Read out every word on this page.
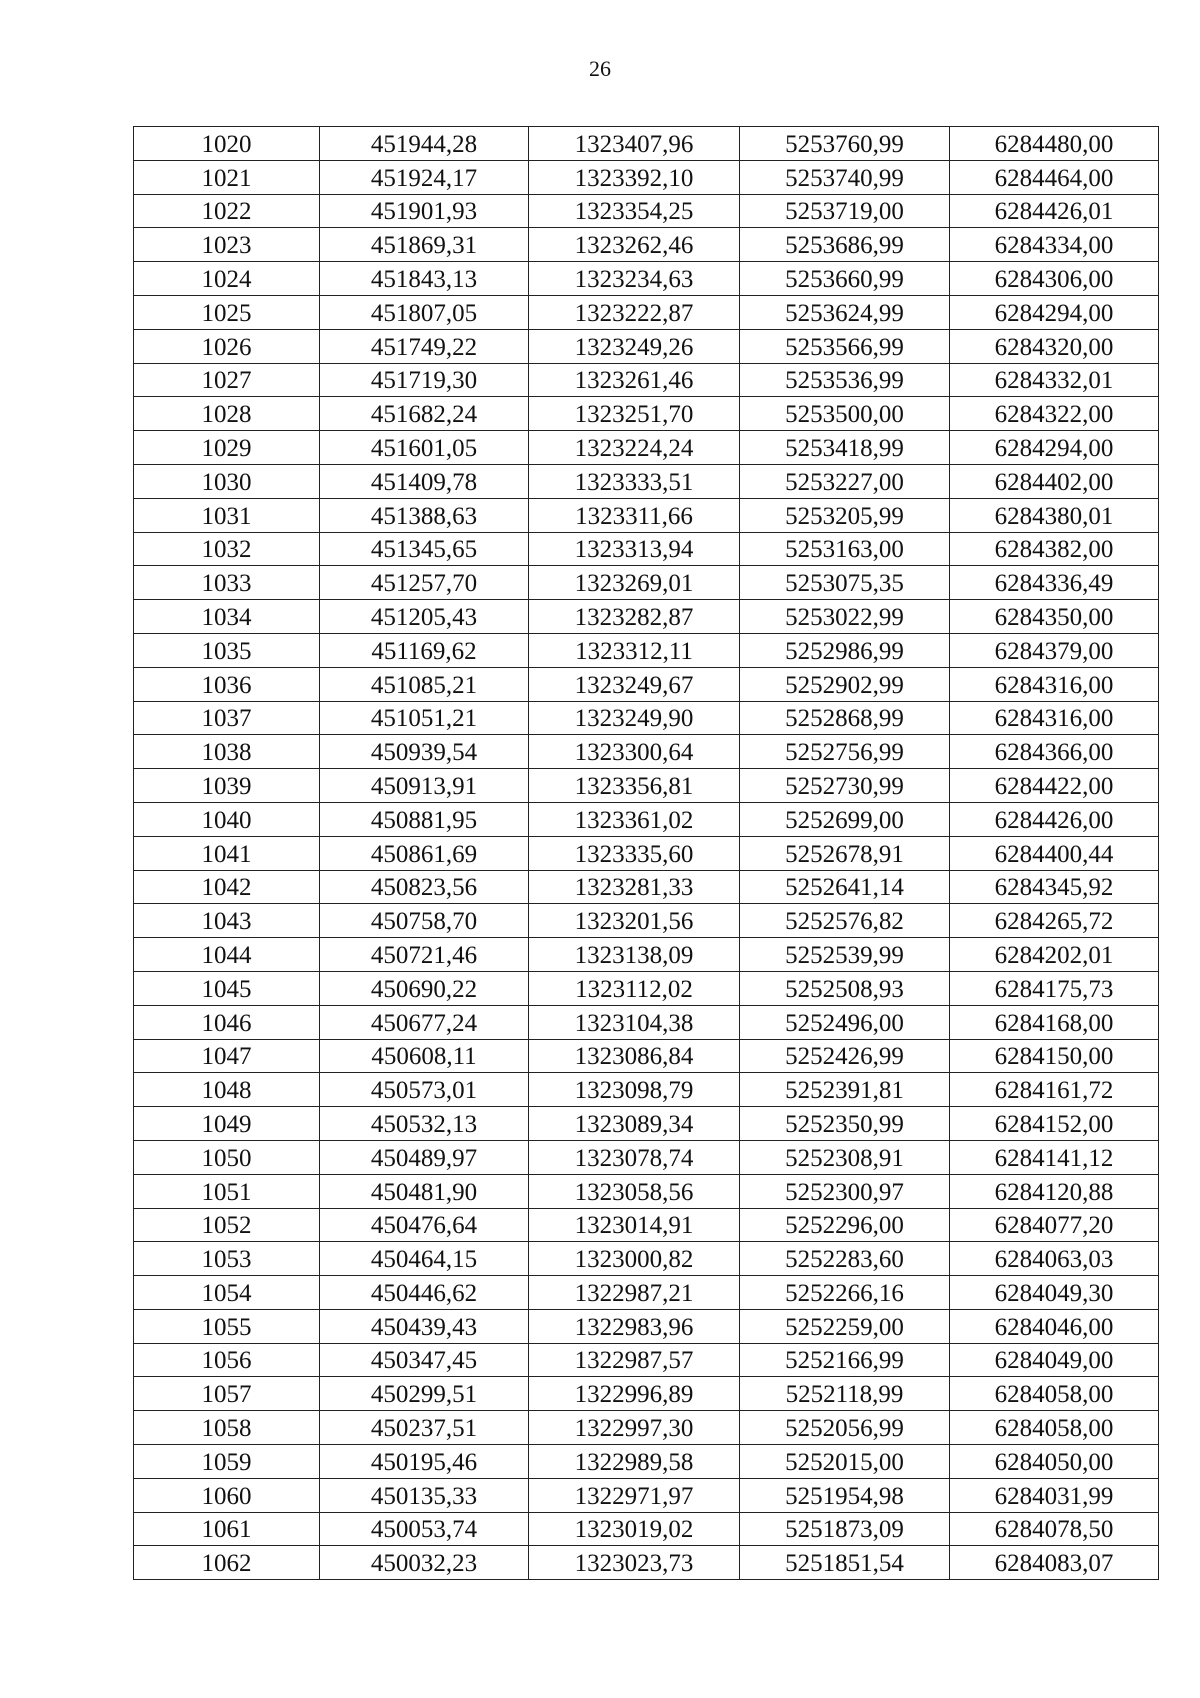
26
1020	451944,28	1323407,96	5253760,99	6284480,00
1021	451924,17	1323392,10	5253740,99	6284464,00
1022	451901,93	1323354,25	5253719,00	6284426,01
1023	451869,31	1323262,46	5253686,99	6284334,00
1024	451843,13	1323234,63	5253660,99	6284306,00
1025	451807,05	1323222,87	5253624,99	6284294,00
1026	451749,22	1323249,26	5253566,99	6284320,00
1027	451719,30	1323261,46	5253536,99	6284332,01
1028	451682,24	1323251,70	5253500,00	6284322,00
1029	451601,05	1323224,24	5253418,99	6284294,00
1030	451409,78	1323333,51	5253227,00	6284402,00
1031	451388,63	1323311,66	5253205,99	6284380,01
1032	451345,65	1323313,94	5253163,00	6284382,00
1033	451257,70	1323269,01	5253075,35	6284336,49
1034	451205,43	1323282,87	5253022,99	6284350,00
1035	451169,62	1323312,11	5252986,99	6284379,00
1036	451085,21	1323249,67	5252902,99	6284316,00
1037	451051,21	1323249,90	5252868,99	6284316,00
1038	450939,54	1323300,64	5252756,99	6284366,00
1039	450913,91	1323356,81	5252730,99	6284422,00
1040	450881,95	1323361,02	5252699,00	6284426,00
1041	450861,69	1323335,60	5252678,91	6284400,44
1042	450823,56	1323281,33	5252641,14	6284345,92
1043	450758,70	1323201,56	5252576,82	6284265,72
1044	450721,46	1323138,09	5252539,99	6284202,01
1045	450690,22	1323112,02	5252508,93	6284175,73
1046	450677,24	1323104,38	5252496,00	6284168,00
1047	450608,11	1323086,84	5252426,99	6284150,00
1048	450573,01	1323098,79	5252391,81	6284161,72
1049	450532,13	1323089,34	5252350,99	6284152,00
1050	450489,97	1323078,74	5252308,91	6284141,12
1051	450481,90	1323058,56	5252300,97	6284120,88
1052	450476,64	1323014,91	5252296,00	6284077,20
1053	450464,15	1323000,82	5252283,60	6284063,03
1054	450446,62	1322987,21	5252266,16	6284049,30
1055	450439,43	1322983,96	5252259,00	6284046,00
1056	450347,45	1322987,57	5252166,99	6284049,00
1057	450299,51	1322996,89	5252118,99	6284058,00
1058	450237,51	1322997,30	5252056,99	6284058,00
1059	450195,46	1322989,58	5252015,00	6284050,00
1060	450135,33	1322971,97	5251954,98	6284031,99
1061	450053,74	1323019,02	5251873,09	6284078,50
1062	450032,23	1323023,73	5251851,54	6284083,07
